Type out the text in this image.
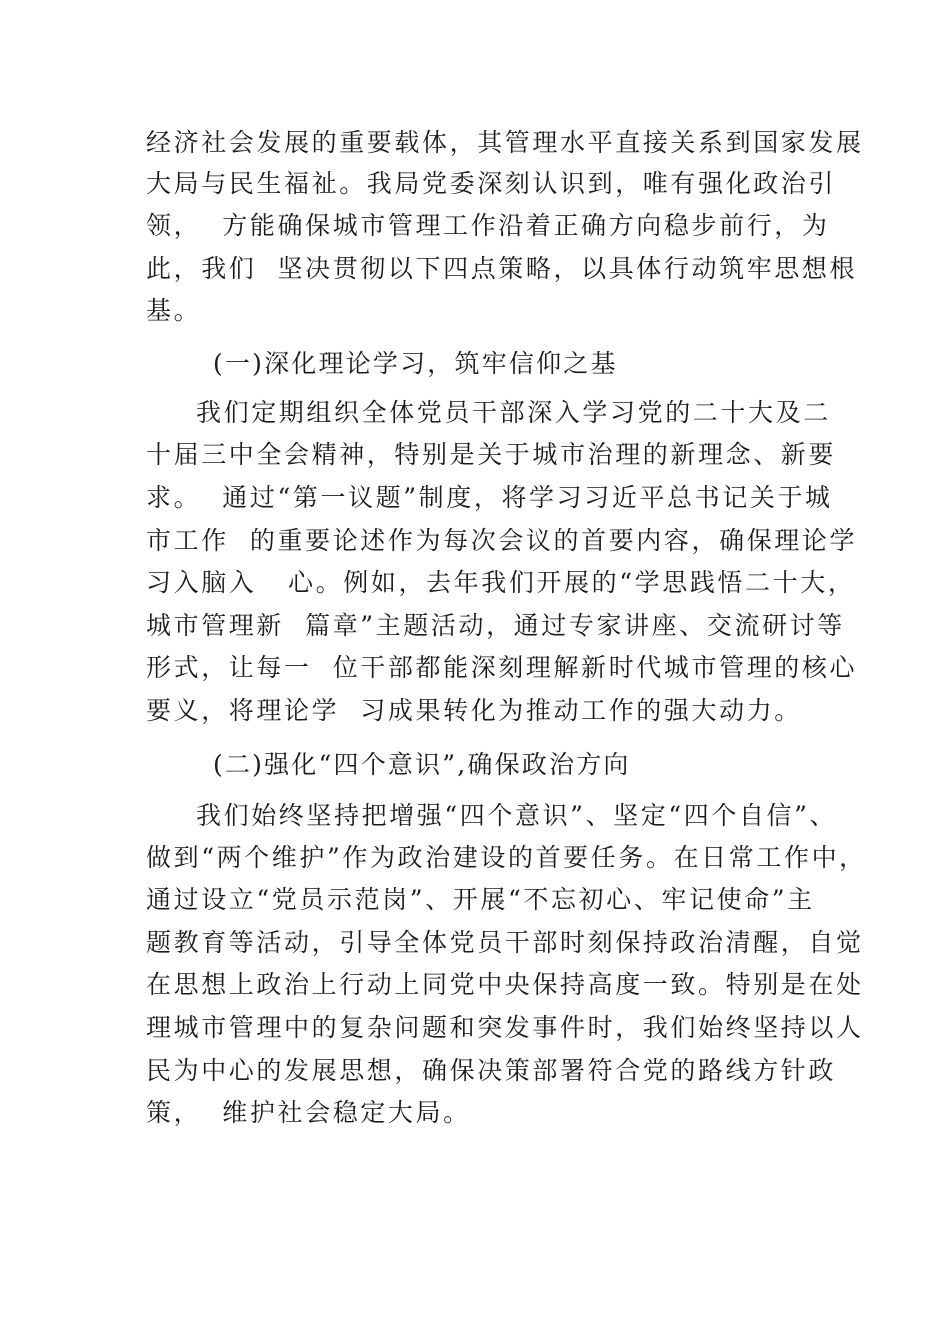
经济社会发展的重要载体，其管理水平直接关系到国家发展
大局与民生福祉。我局党委深刻认识到，唯有强化政治引
领，  方能确保城市管理工作沿着正确方向稳步前行，为
此，我们  坚决贯彻以下四点策略，以具体行动筑牢思想根
基。
(一)深化理论学习，筑牢信仰之基
我们定期组织全体党员干部深入学习党的二十大及二
十届三中全会精神，特别是关于城市治理的新理念、新要
求。  通过“第一议题”制度，将学习习近平总书记关于城
市工作  的重要论述作为每次会议的首要内容，确保理论学
习入脑入   心。例如，去年我们开展的“学思践悟二十大，
城市管理新  篇章”主题活动，通过专家讲座、交流研讨等
形式，让每一  位干部都能深刻理解新时代城市管理的核心
要义，将理论学  习成果转化为推动工作的强大动力。
(二)强化“四个意识”,确保政治方向
我们始终坚持把增强“四个意识”、坚定“四个自信”、
做到“两个维护”作为政治建设的首要任务。在日常工作中，
通过设立“党员示范岗”、开展“不忘初心、牢记使命”主
题教育等活动，引导全体党员干部时刻保持政治清醒，自觉
在思想上政治上行动上同党中央保持高度一致。特别是在处
理城市管理中的复杂问题和突发事件时，我们始终坚持以人
民为中心的发展思想，确保决策部署符合党的路线方针政
策，  维护社会稳定大局。
